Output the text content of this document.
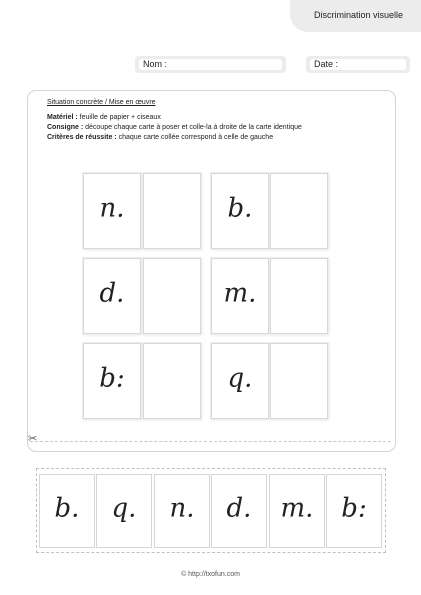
Discrimination visuelle
Nom :	Date :
Situation concrète / Mise en œuvre
Matériel : feuille de papier + ciseaux
Consigne : découpe chaque carte à poser et colle-la à droite de la carte identique
Critères de réussite : chaque carte collée correspond à celle de gauche
n.	b.
d.	m.
b:	q.
✂
b.	q.	n.	d.	m.	b:
© http://txofun.com
